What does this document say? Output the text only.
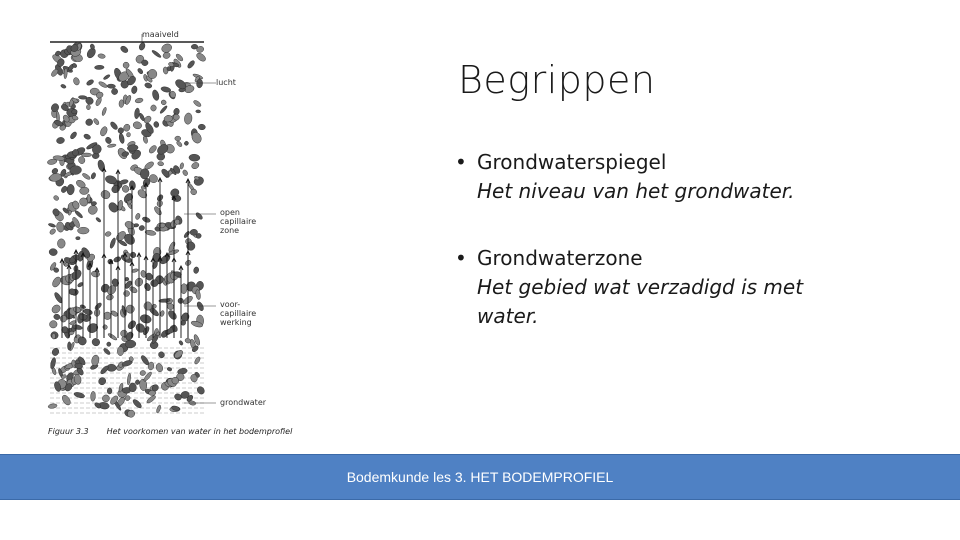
maaiveld
lucht
open
capillaire
zone
voor-
capillaire
werking
grondwater
Figuur 3.3 Het voorkomen van water in het bodemprofiel
Begrippen
• Grondwaterspiegel
Het niveau van het grondwater.
• Grondwaterzone
Het gebied wat verzadigd is met water.
Bodemkunde les 3. HET BODEMPROFIEL
